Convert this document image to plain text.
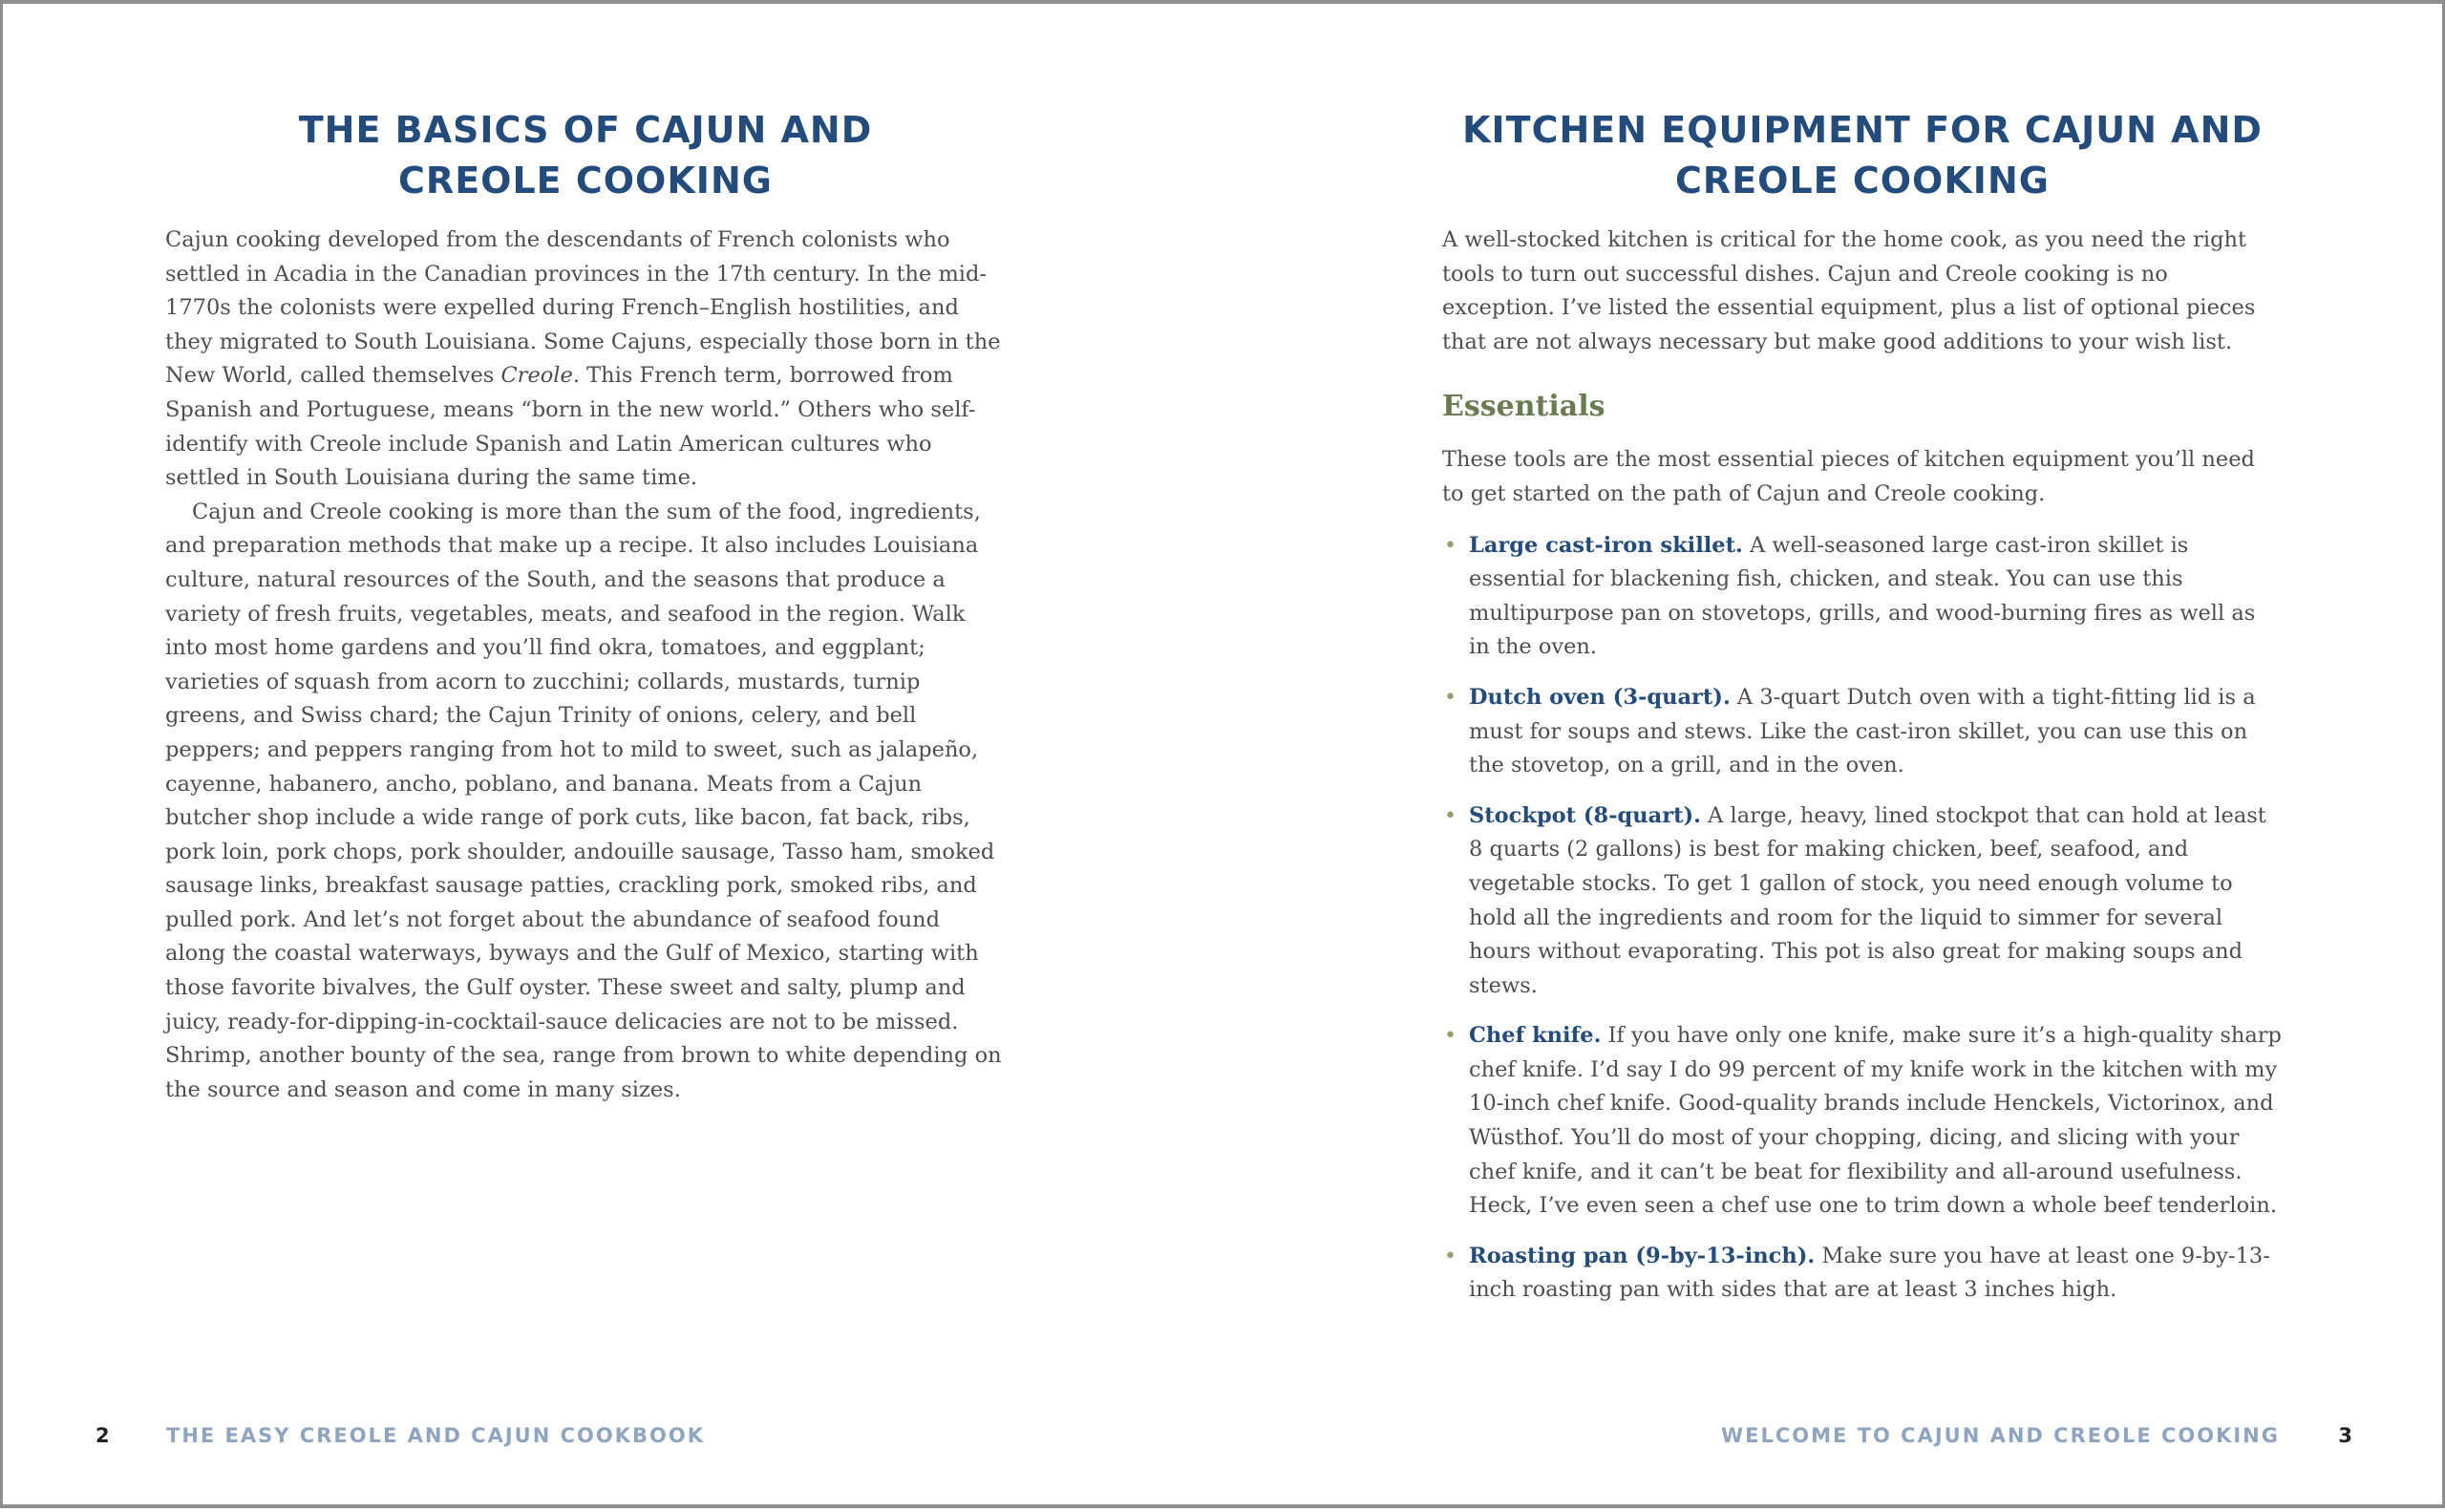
THE BASICS OF CAJUN AND
CREOLE COOKING

Cajun cooking developed from the descendants of French colonists who settled in Acadia in the Canadian provinces in the 17th century. In the mid-1770s the colonists were expelled during French–English hostilities, and they migrated to South Louisiana. Some Cajuns, especially those born in the New World, called themselves Creole. This French term, borrowed from Spanish and Portuguese, means “born in the new world.” Others who self-identify with Creole include Spanish and Latin American cultures who settled in South Louisiana during the same time.

Cajun and Creole cooking is more than the sum of the food, ingredients, and preparation methods that make up a recipe. It also includes Louisiana culture, natural resources of the South, and the seasons that produce a variety of fresh fruits, vegetables, meats, and seafood in the region. Walk into most home gardens and you’ll find okra, tomatoes, and eggplant; varieties of squash from acorn to zucchini; collards, mustards, turnip greens, and Swiss chard; the Cajun Trinity of onions, celery, and bell peppers; and peppers ranging from hot to mild to sweet, such as jalapeño, cayenne, habanero, ancho, poblano, and banana. Meats from a Cajun butcher shop include a wide range of pork cuts, like bacon, fat back, ribs, pork loin, pork chops, pork shoulder, andouille sausage, Tasso ham, smoked sausage links, breakfast sausage patties, crackling pork, smoked ribs, and pulled pork. And let’s not forget about the abundance of seafood found along the coastal waterways, byways and the Gulf of Mexico, starting with those favorite bivalves, the Gulf oyster. These sweet and salty, plump and juicy, ready-for-dipping-in-cocktail-sauce delicacies are not to be missed. Shrimp, another bounty of the sea, range from brown to white depending on the source and season and come in many sizes.

KITCHEN EQUIPMENT FOR CAJUN AND
CREOLE COOKING

A well-stocked kitchen is critical for the home cook, as you need the right tools to turn out successful dishes. Cajun and Creole cooking is no exception. I’ve listed the essential equipment, plus a list of optional pieces that are not always necessary but make good additions to your wish list.

Essentials

These tools are the most essential pieces of kitchen equipment you’ll need to get started on the path of Cajun and Creole cooking.

• Large cast-iron skillet. A well-seasoned large cast-iron skillet is essential for blackening fish, chicken, and steak. You can use this multipurpose pan on stovetops, grills, and wood-burning fires as well as in the oven.
• Dutch oven (3-quart). A 3-quart Dutch oven with a tight-fitting lid is a must for soups and stews. Like the cast-iron skillet, you can use this on the stovetop, on a grill, and in the oven.
• Stockpot (8-quart). A large, heavy, lined stockpot that can hold at least 8 quarts (2 gallons) is best for making chicken, beef, seafood, and vegetable stocks. To get 1 gallon of stock, you need enough volume to hold all the ingredients and room for the liquid to simmer for several hours without evaporating. This pot is also great for making soups and stews.
• Chef knife. If you have only one knife, make sure it’s a high-quality sharp chef knife. I’d say I do 99 percent of my knife work in the kitchen with my 10-inch chef knife. Good-quality brands include Henckels, Victorinox, and Wüsthof. You’ll do most of your chopping, dicing, and slicing with your chef knife, and it can’t be beat for flexibility and all-around usefulness. Heck, I’ve even seen a chef use one to trim down a whole beef tenderloin.
• Roasting pan (9-by-13-inch). Make sure you have at least one 9-by-13-inch roasting pan with sides that are at least 3 inches high.
2	THE EASY CREOLE AND CAJUN COOKBOOK	WELCOME TO CAJUN AND CREOLE COOKING	3
